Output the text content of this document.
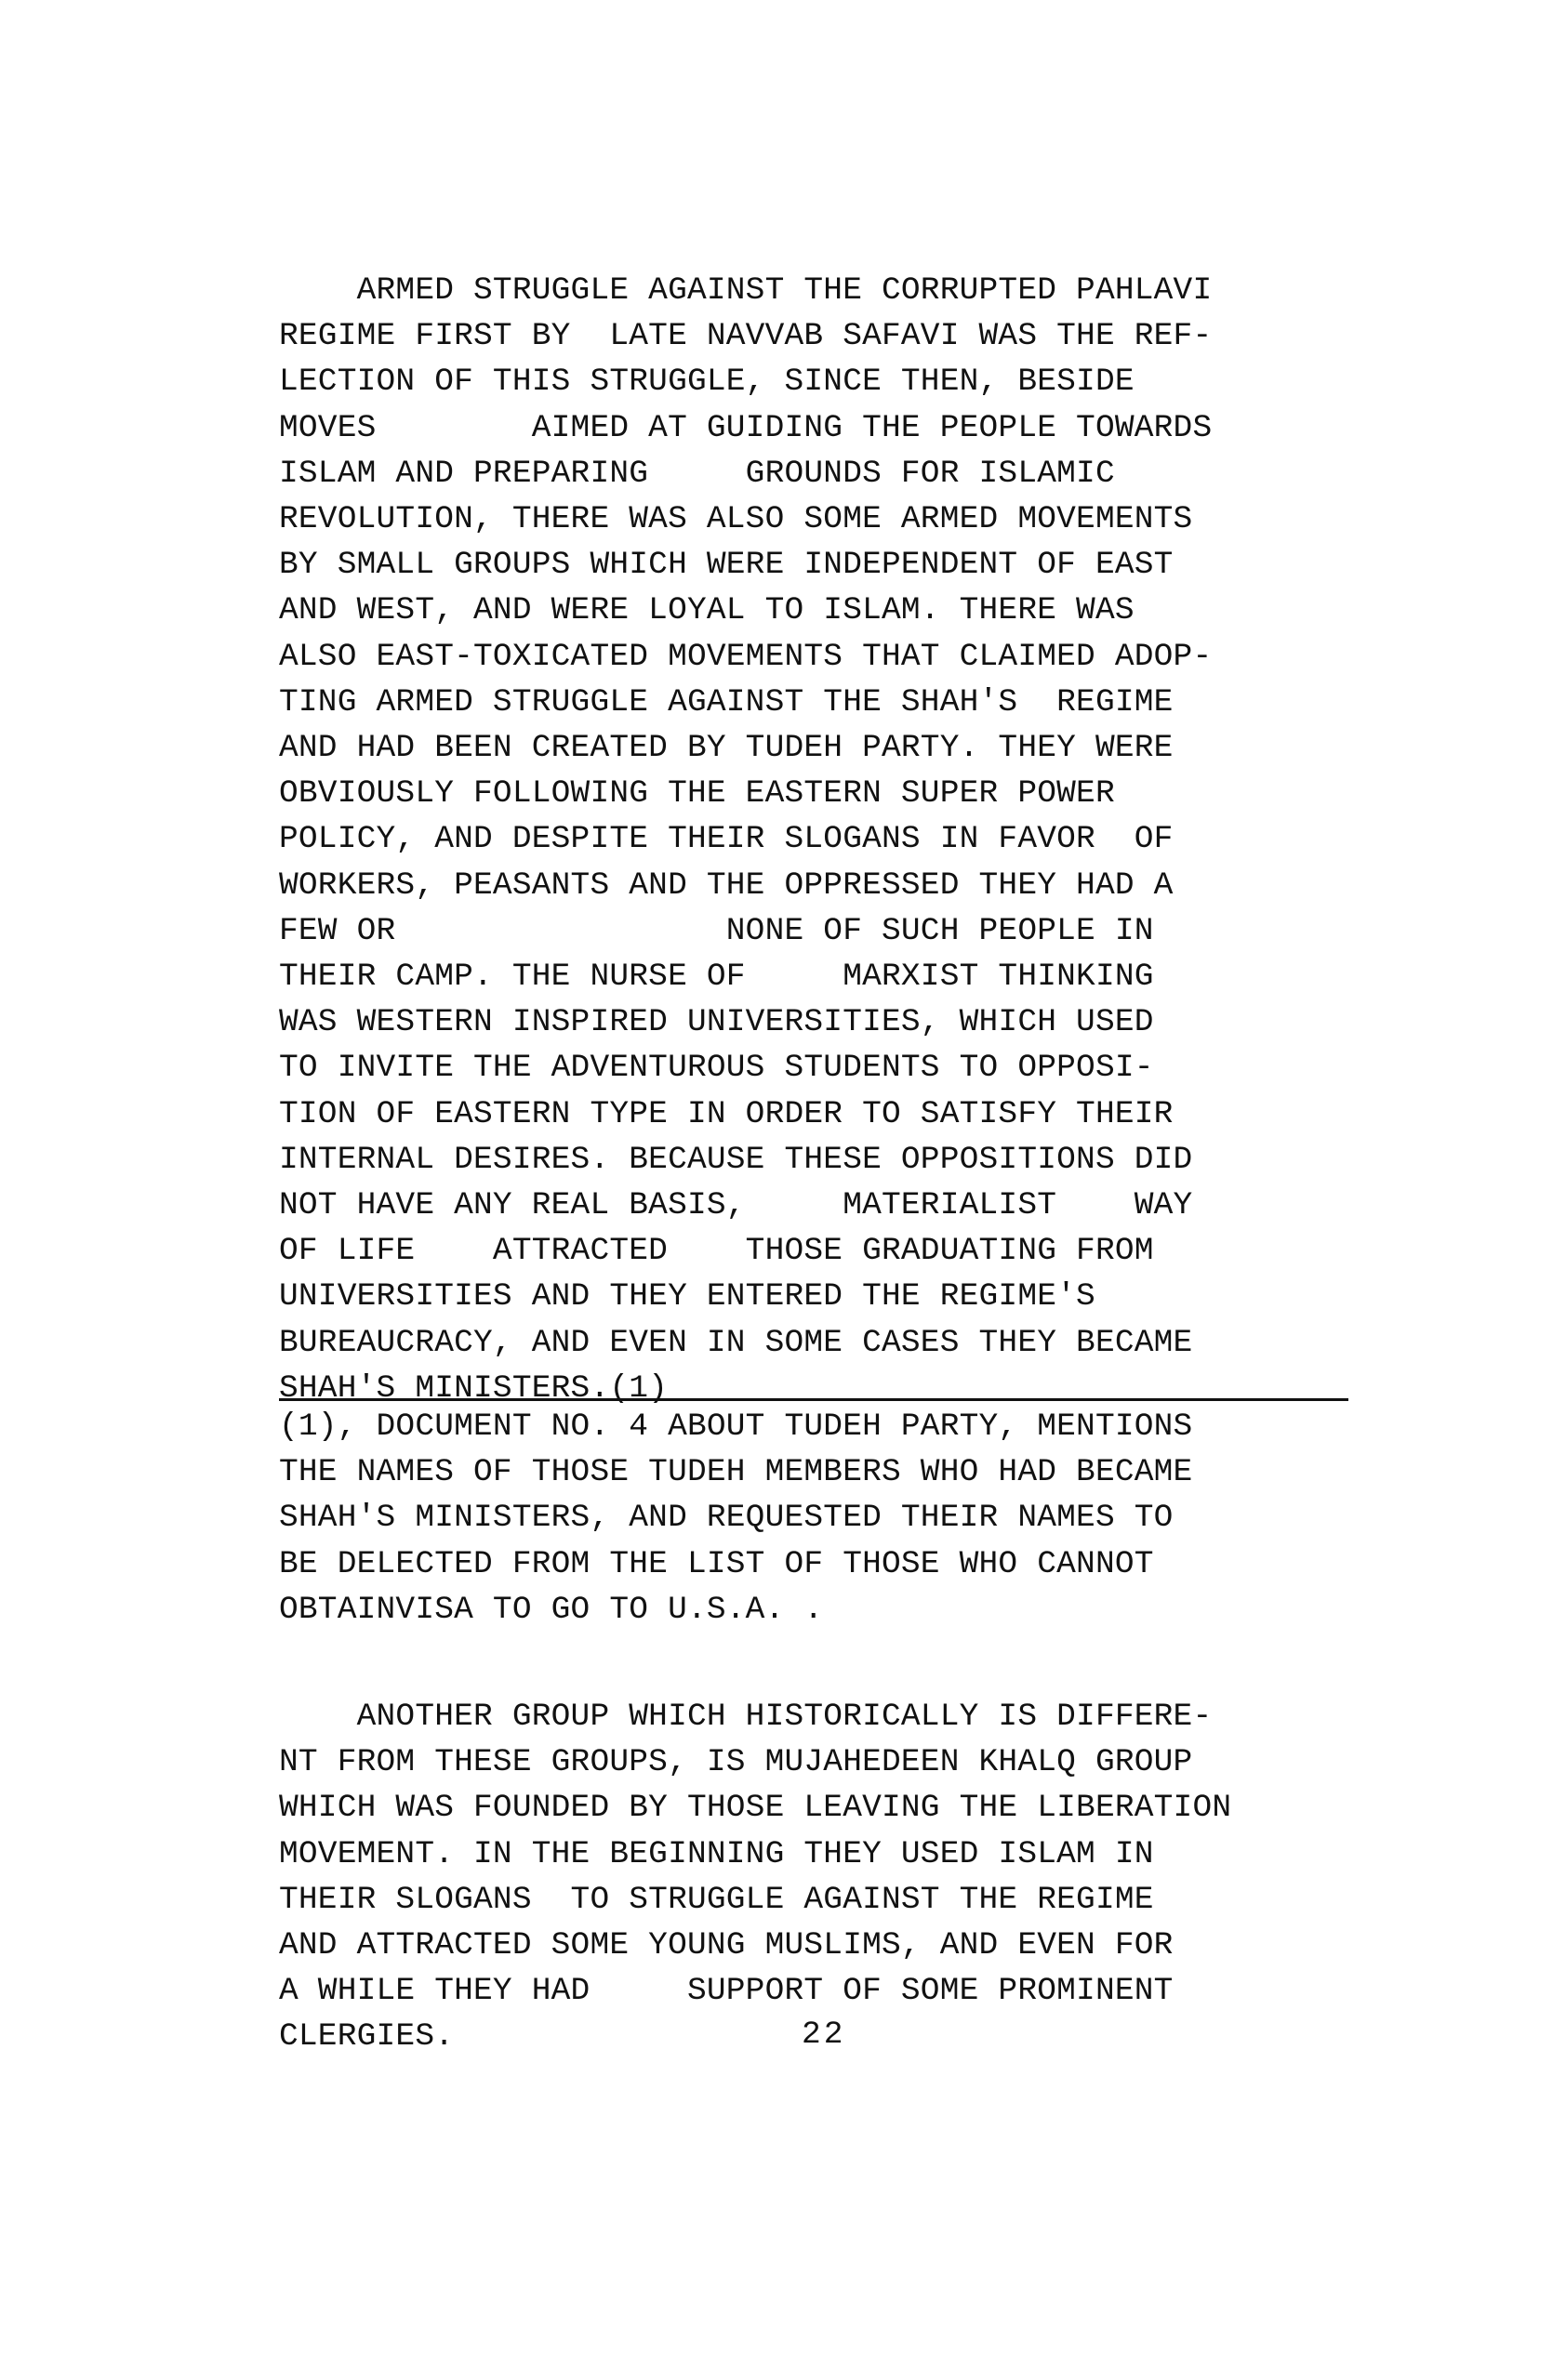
ARMED STRUGGLE AGAINST THE CORRUPTED PAHLAVI
REGIME FIRST BY  LATE NAVVAB SAFAVI WAS THE REF-
LECTION OF THIS STRUGGLE, SINCE THEN, BESIDE
MOVES        AIMED AT GUIDING THE PEOPLE TOWARDS
ISLAM AND PREPARING     GROUNDS FOR ISLAMIC
REVOLUTION, THERE WAS ALSO SOME ARMED MOVEMENTS
BY SMALL GROUPS WHICH WERE INDEPENDENT OF EAST
AND WEST, AND WERE LOYAL TO ISLAM. THERE WAS
ALSO EAST-TOXICATED MOVEMENTS THAT CLAIMED ADOP-
TING ARMED STRUGGLE AGAINST THE SHAH'S  REGIME
AND HAD BEEN CREATED BY TUDEH PARTY. THEY WERE
OBVIOUSLY FOLLOWING THE EASTERN SUPER POWER
POLICY, AND DESPITE THEIR SLOGANS IN FAVOR  OF
WORKERS, PEASANTS AND THE OPPRESSED THEY HAD A
FEW OR                 NONE OF SUCH PEOPLE IN
THEIR CAMP. THE NURSE OF     MARXIST THINKING
WAS WESTERN INSPIRED UNIVERSITIES, WHICH USED
TO INVITE THE ADVENTUROUS STUDENTS TO OPPOSI-
TION OF EASTERN TYPE IN ORDER TO SATISFY THEIR
INTERNAL DESIRES. BECAUSE THESE OPPOSITIONS DID
NOT HAVE ANY REAL BASIS,     MATERIALIST    WAY
OF LIFE    ATTRACTED    THOSE GRADUATING FROM
UNIVERSITIES AND THEY ENTERED THE REGIME'S
BUREAUCRACY, AND EVEN IN SOME CASES THEY BECAME
SHAH'S MINISTERS.(1)
(1), DOCUMENT NO. 4 ABOUT TUDEH PARTY, MENTIONS
THE NAMES OF THOSE TUDEH MEMBERS WHO HAD BECAME
SHAH'S MINISTERS, AND REQUESTED THEIR NAMES TO
BE DELECTED FROM THE LIST OF THOSE WHO CANNOT
OBTAINVISA TO GO TO U.S.A. .
ANOTHER GROUP WHICH HISTORICALLY IS DIFFERE-
NT FROM THESE GROUPS, IS MUJAHEDEEN KHALQ GROUP
WHICH WAS FOUNDED BY THOSE LEAVING THE LIBERATION
MOVEMENT. IN THE BEGINNING THEY USED ISLAM IN
THEIR SLOGANS  TO STRUGGLE AGAINST THE REGIME
AND ATTRACTED SOME YOUNG MUSLIMS, AND EVEN FOR
A WHILE THEY HAD     SUPPORT OF SOME PROMINENT
CLERGIES.	22
